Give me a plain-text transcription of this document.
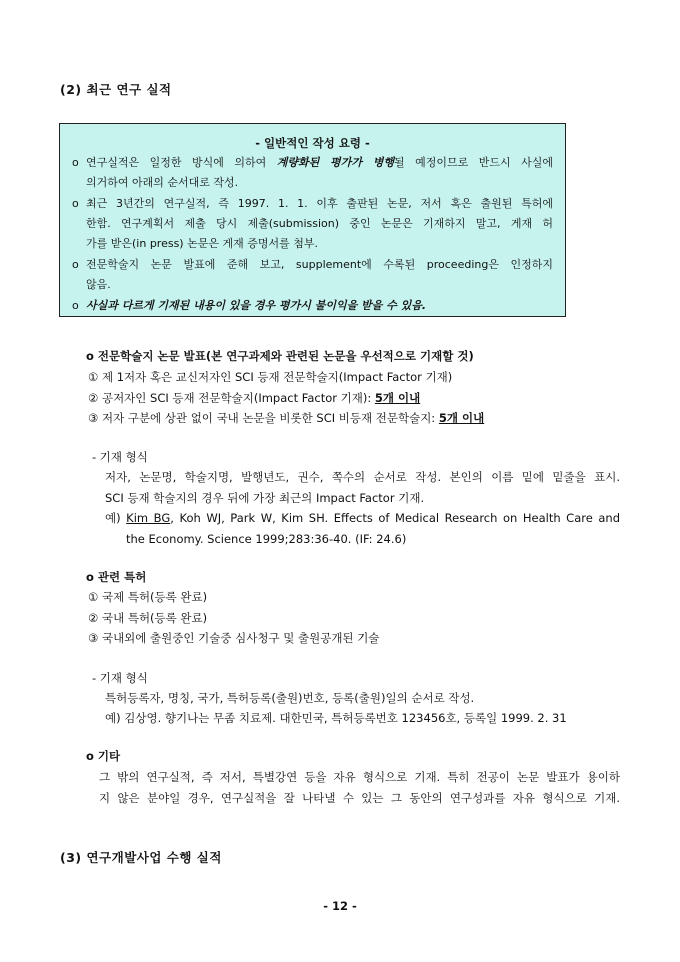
(2) 최근 연구 실적
- 일반적인 작성 요령 -
o 연구실적은 일정한 방식에 의하여 계량화된 평가가 병행될 예정이므로 반드시 사실에
의거하여 아래의 순서대로 작성.
o 최근 3년간의 연구실적, 즉 1997. 1. 1. 이후 출판된 논문, 저서 혹은 출원된 특허에
한함. 연구계획서 제출 당시 제출(submission) 중인 논문은 기재하지 말고, 게재 허
가를 받은(in press) 논문은 게재 증명서를 첨부.
o 전문학술지 논문 발표에 준해 보고, supplement에 수록된 proceeding은 인정하지
않음.
o 사실과 다르게 기재된 내용이 있을 경우 평가시 불이익을 받을 수 있음.
o 전문학술지 논문 발표(본 연구과제와 관련된 논문을 우선적으로 기재할 것)
① 제 1저자 혹은 교신저자인 SCI 등재 전문학술지(Impact Factor 기재)
② 공저자인 SCI 등재 전문학술지(Impact Factor 기재): 5개 이내
③ 저자 구분에 상관 없이 국내 논문을 비롯한 SCI 비등재 전문학술지: 5개 이내
- 기재 형식
저자, 논문명, 학술지명, 발행년도, 권수, 쪽수의 순서로 작성. 본인의 이름 밑에 밑줄을 표시.
SCI 등재 학술지의 경우 뒤에 가장 최근의 Impact Factor 기재.
예) Kim BG, Koh WJ, Park W, Kim SH. Effects of Medical Research on Health Care and
the Economy. Science 1999;283:36-40. (IF: 24.6)
o 관련 특허
① 국제 특허(등록 완료)
② 국내 특허(등록 완료)
③ 국내외에 출원중인 기술중 심사청구 및 출원공개된 기술
- 기재 형식
특허등록자, 명칭, 국가, 특허등록(출원)번호, 등록(출원)일의 순서로 작성.
예) 김상영. 향기나는 무좀 치료제. 대한민국, 특허등록번호 123456호, 등록일 1999. 2. 31
o 기타
그 밖의 연구실적, 즉 저서, 특별강연 등을 자유 형식으로 기재. 특히 전공이 논문 발표가 용이하
지 않은 분야일 경우, 연구실적을 잘 나타낼 수 있는 그 동안의 연구성과를 자유 형식으로 기재.
(3) 연구개발사업 수행 실적
- 12 -
